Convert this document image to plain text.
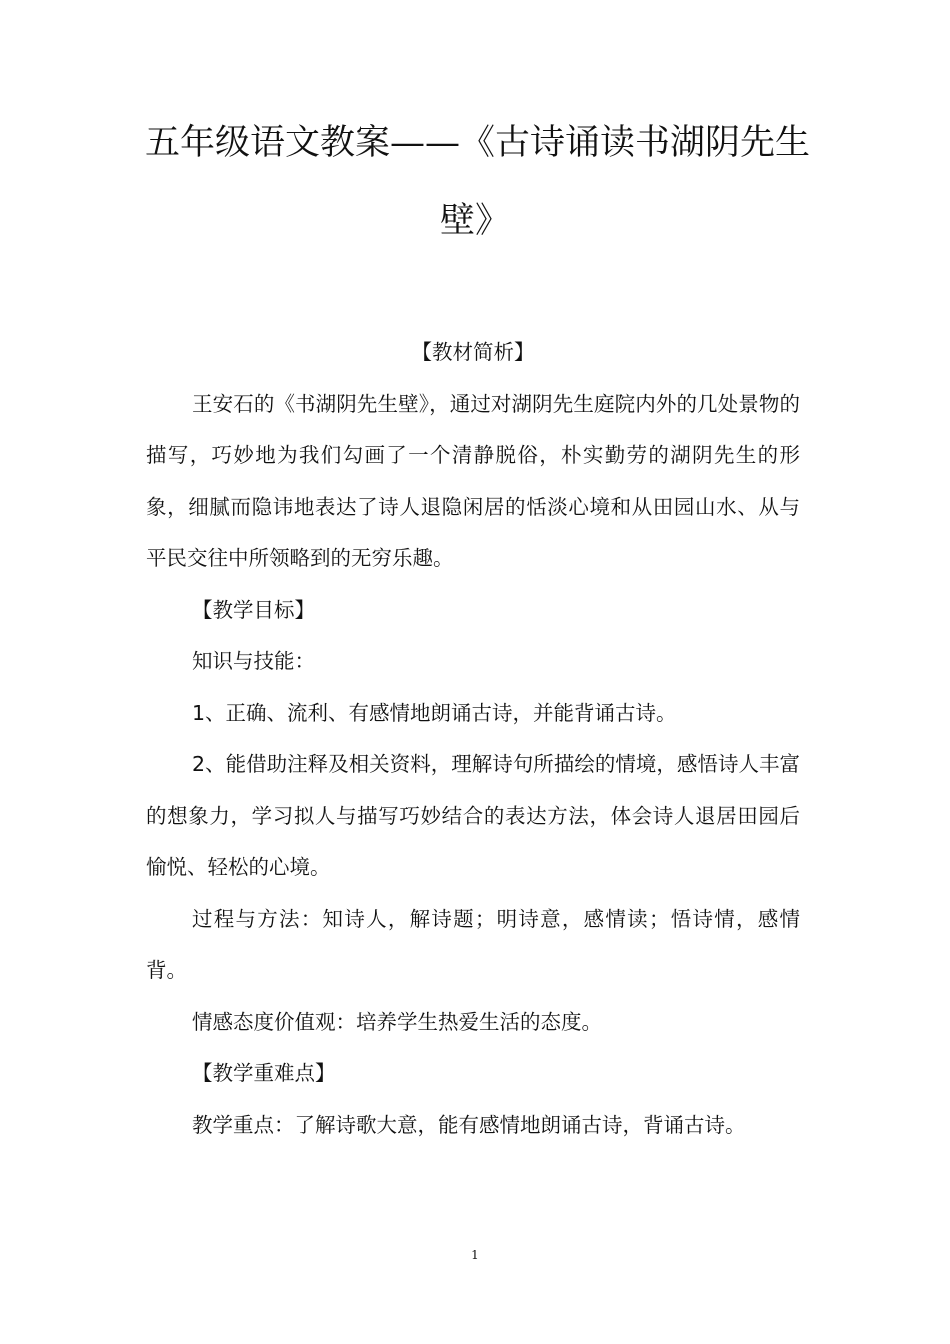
五年级语文教案——《古诗诵读书湖阴先生
壁》

【教材简析】

王安石的《书湖阴先生壁》，通过对湖阴先生庭院内外的几处景物的描写，巧妙地为我们勾画了一个清静脱俗，朴实勤劳的湖阴先生的形象，细腻而隐讳地表达了诗人退隐闲居的恬淡心境和从田园山水、从与平民交往中所领略到的无穷乐趣。

【教学目标】

知识与技能：

1、正确、流利、有感情地朗诵古诗，并能背诵古诗。

2、能借助注释及相关资料，理解诗句所描绘的情境，感悟诗人丰富的想象力，学习拟人与描写巧妙结合的表达方法，体会诗人退居田园后愉悦、轻松的心境。

过程与方法：知诗人，解诗题；明诗意，感情读；悟诗情，感情背。

情感态度价值观：培养学生热爱生活的态度。

【教学重难点】

教学重点：了解诗歌大意，能有感情地朗诵古诗，背诵古诗。

1
